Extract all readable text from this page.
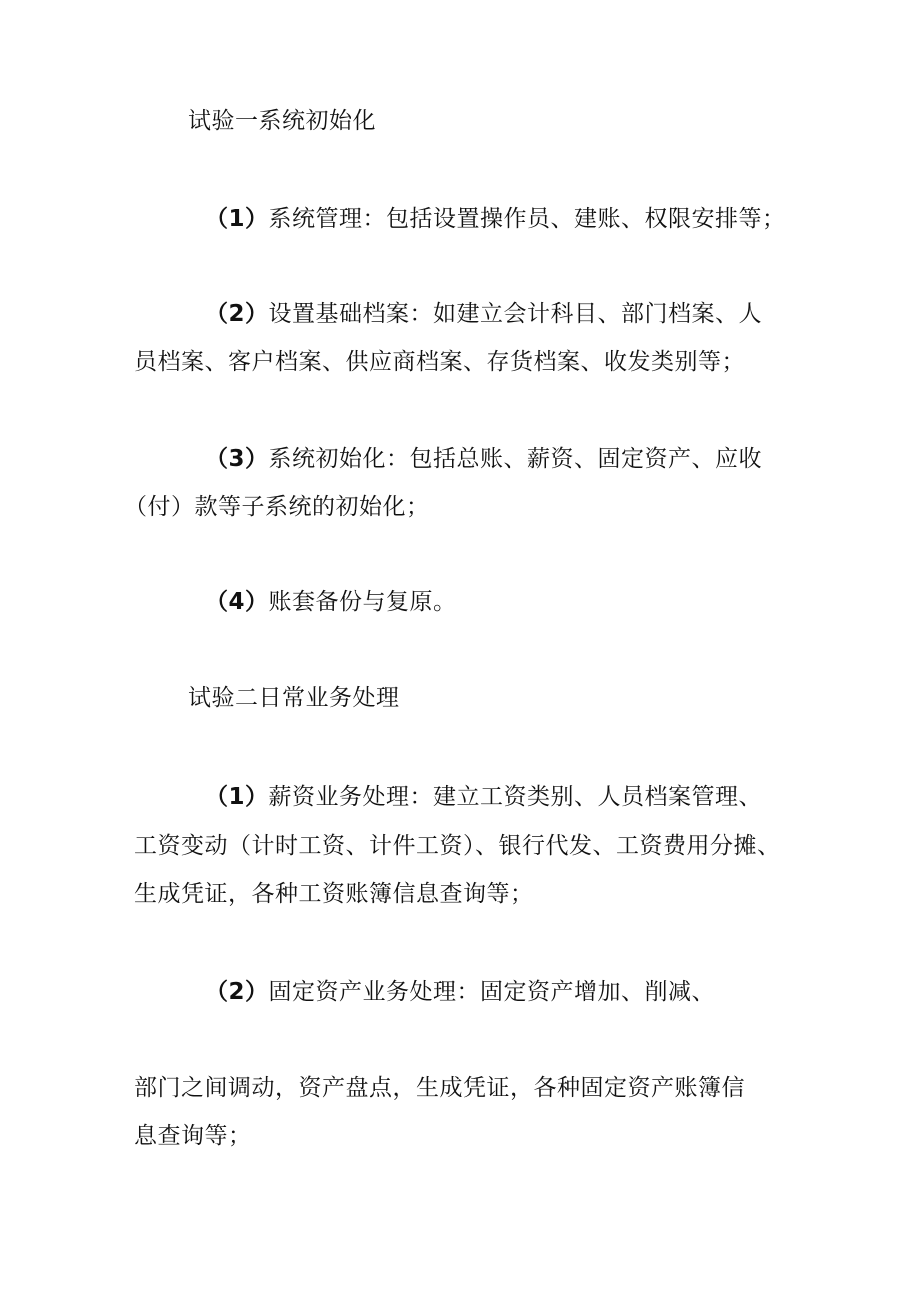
试验一系统初始化
（1）系统管理：包括设置操作员、建账、权限安排等；
（2）设置基础档案：如建立会计科目、部门档案、人
员档案、客户档案、供应商档案、存货档案、收发类别等；
（3）系统初始化：包括总账、薪资、固定资产、应收
（付）款等子系统的初始化；
（4）账套备份与复原。
试验二日常业务处理
（1）薪资业务处理：建立工资类别、人员档案管理、
工资变动（计时工资、计件工资）、银行代发、工资费用分摊、
生成凭证，各种工资账簿信息查询等；
（2）固定资产业务处理：固定资产增加、削减、
部门之间调动，资产盘点，生成凭证，各种固定资产账簿信
息查询等；
